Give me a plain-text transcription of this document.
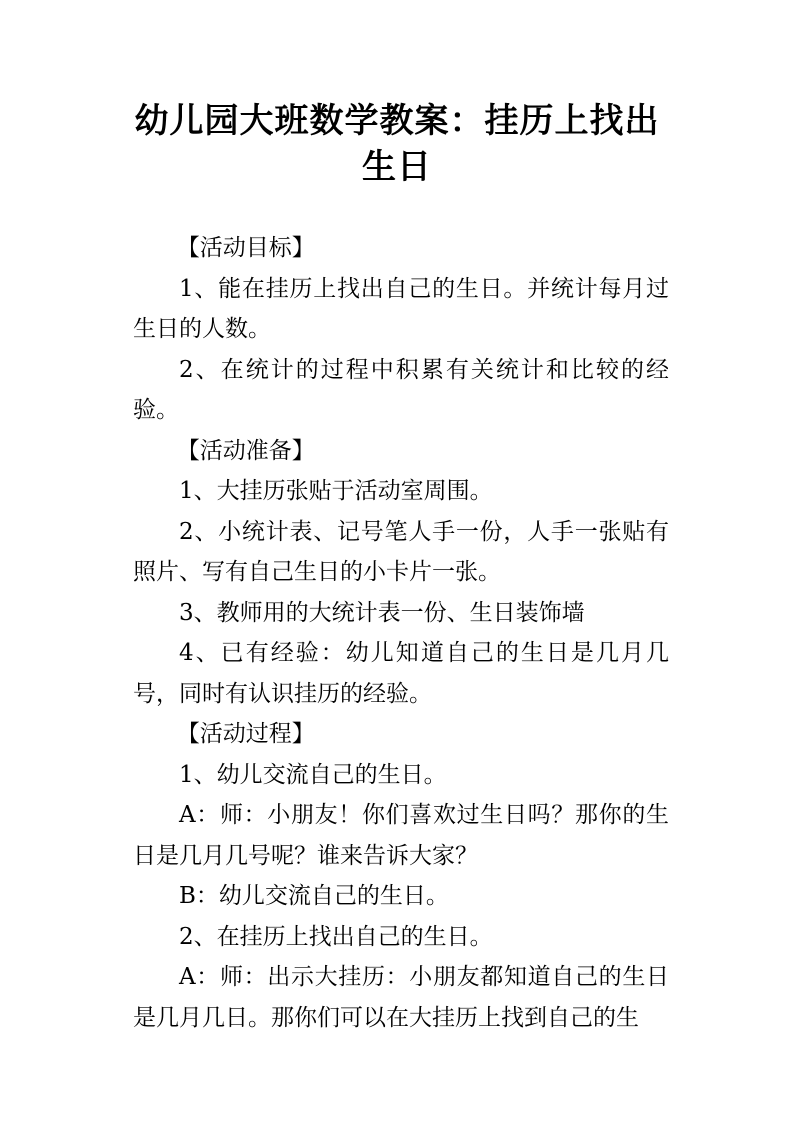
幼儿园大班数学教案：挂历上找出生日

【活动目标】

1、能在挂历上找出自己的生日。并统计每月过生日的人数。

2、在统计的过程中积累有关统计和比较的经验。

【活动准备】

1、大挂历张贴于活动室周围。

2、小统计表、记号笔人手一份，人手一张贴有照片、写有自己生日的小卡片一张。

3、教师用的大统计表一份、生日装饰墙

4、已有经验：幼儿知道自己的生日是几月几号，同时有认识挂历的经验。

【活动过程】

1、幼儿交流自己的生日。

A：师：小朋友！你们喜欢过生日吗？那你的生日是几月几号呢？谁来告诉大家？

B：幼儿交流自己的生日。

2、在挂历上找出自己的生日。

A：师：出示大挂历：小朋友都知道自己的生日是几月几日。那你们可以在大挂历上找到自己的生
